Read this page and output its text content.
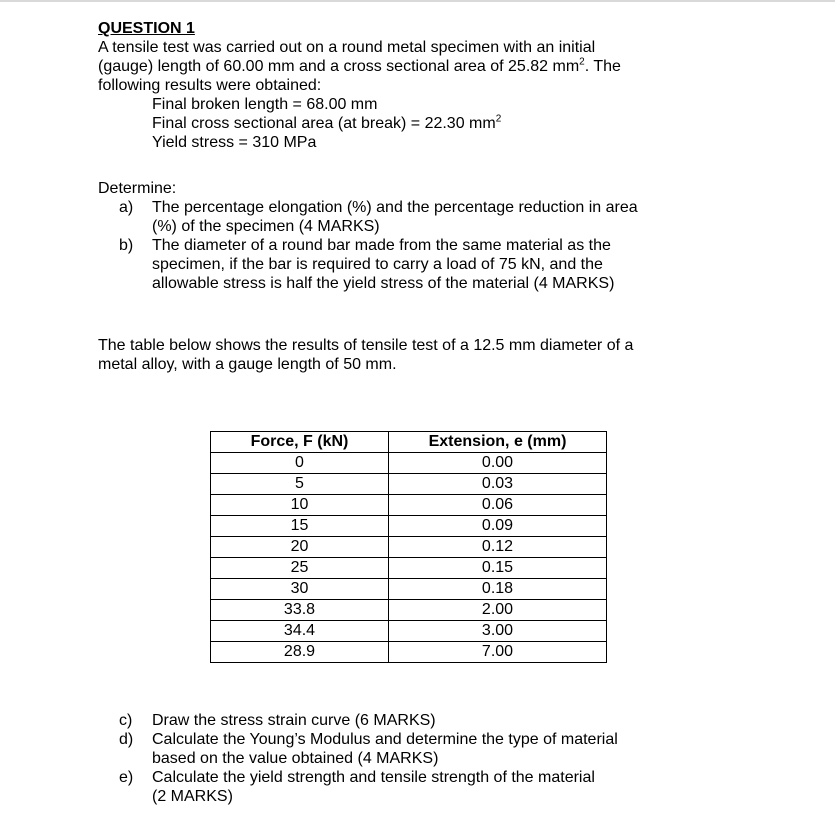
QUESTION 1

A tensile test was carried out on a round metal specimen with an initial
(gauge) length of 60.00 mm and a cross sectional area of 25.82 $mm^2$. The
following results were obtained:

Final broken length = 68.00 mm
Final cross sectional area (at break) = 22.30 $mm^2$
Yield stress = 310 MPa
Determine:
a) The percentage elongation (%) and the percentage reduction in area
(%) of the specimen (4 MARKS)
b) The diameter of a round bar made from the same material as the
specimen, if the bar is required to carry a load of 75 kN, and the
allowable stress is half the yield stress of the material (4 MARKS)

The table below shows the results of tensile test of a 12.5 mm diameter of a
metal alloy, with a gauge length of 50 mm.

Force, F (kN)	Extension, e (mm)
0	0.00
5	0.03
10	0.06
15	0.09
20	0.12
25	0.15
30	0.18
33.8	2.00
34.4	3.00
28.9	7.00
c) Draw the stress strain curve (6 MARKS)
d) Calculate the Young’s Modulus and determine the type of material
based on the value obtained (4 MARKS)
e) Calculate the yield strength and tensile strength of the material
(2 MARKS)
